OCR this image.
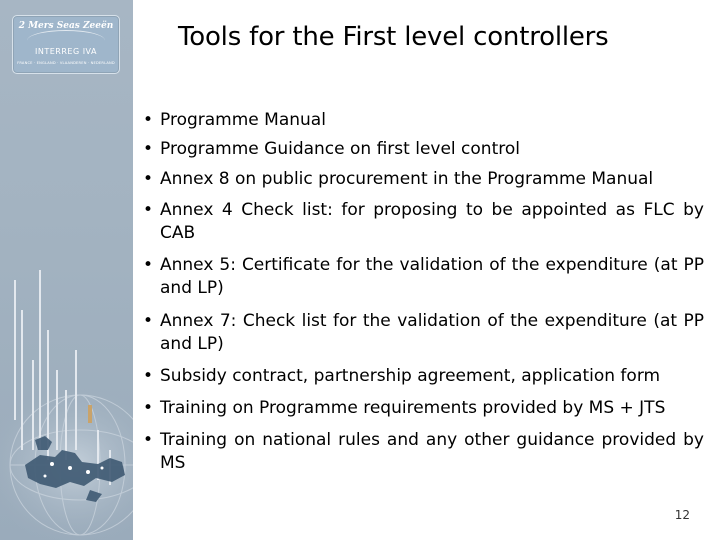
2 Mers Seas Zeeën
INTERREG IVA
FRANCE · ENGLAND · VLAANDEREN · NEDERLAND
Tools for the First level controllers
• Programme Manual
• Programme Guidance on first level control
• Annex 8 on public procurement in the Programme Manual
• Annex 4 Check list: for proposing to be appointed as FLC by CAB
• Annex 5: Certificate for the validation of the expenditure (at PP and LP)
• Annex 7: Check list for the validation of the expenditure (at PP and LP)
• Subsidy contract, partnership agreement, application form
• Training on Programme requirements provided by MS + JTS
• Training on national rules and any other guidance provided by MS
12
